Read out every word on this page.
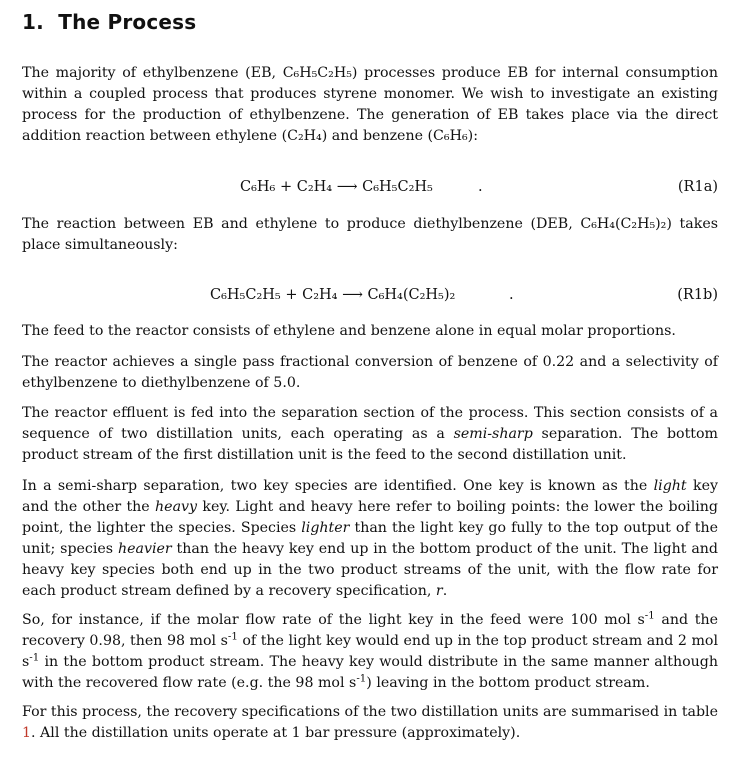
1. The Process

The majority of ethylbenzene (EB, C₆H₅C₂H₅) processes produce EB for internal consumption within a coupled process that produces styrene monomer. We wish to investigate an existing process for the production of ethylbenzene. The generation of EB takes place via the direct addition reaction between ethylene (C₂H₄) and benzene (C₆H₆):

C₆H₆ + C₂H₄ ⟶ C₆H₅C₂H₅	.	(R1a)

The reaction between EB and ethylene to produce diethylbenzene (DEB, C₆H₄(C₂H₅)₂) takes place simultaneously:

C₆H₅C₂H₅ + C₂H₄ ⟶ C₆H₄(C₂H₅)₂	.	(R1b)

The feed to the reactor consists of ethylene and benzene alone in equal molar proportions.

The reactor achieves a single pass fractional conversion of benzene of 0.22 and a selectivity of ethylbenzene to diethylbenzene of 5.0.

The reactor effluent is fed into the separation section of the process. This section consists of a sequence of two distillation units, each operating as a semi-sharp separation. The bottom product stream of the first distillation unit is the feed to the second distillation unit.

In a semi-sharp separation, two key species are identified. One key is known as the light key and the other the heavy key. Light and heavy here refer to boiling points: the lower the boiling point, the lighter the species. Species lighter than the light key go fully to the top output of the unit; species heavier than the heavy key end up in the bottom product of the unit. The light and heavy key species both end up in the two product streams of the unit, with the flow rate for each product stream defined by a recovery specification, r.

So, for instance, if the molar flow rate of the light key in the feed were 100 mol $s^{-1}$ and the recovery 0.98, then 98 mol $s^{-1}$ of the light key would end up in the top product stream and 2 mol $s^{-1}$ in the bottom product stream. The heavy key would distribute in the same manner although with the recovered flow rate (e.g. the 98 mol $s^{-1}$) leaving in the bottom product stream.

For this process, the recovery specifications of the two distillation units are summarised in table 1. All the distillation units operate at 1 bar pressure (approximately).
